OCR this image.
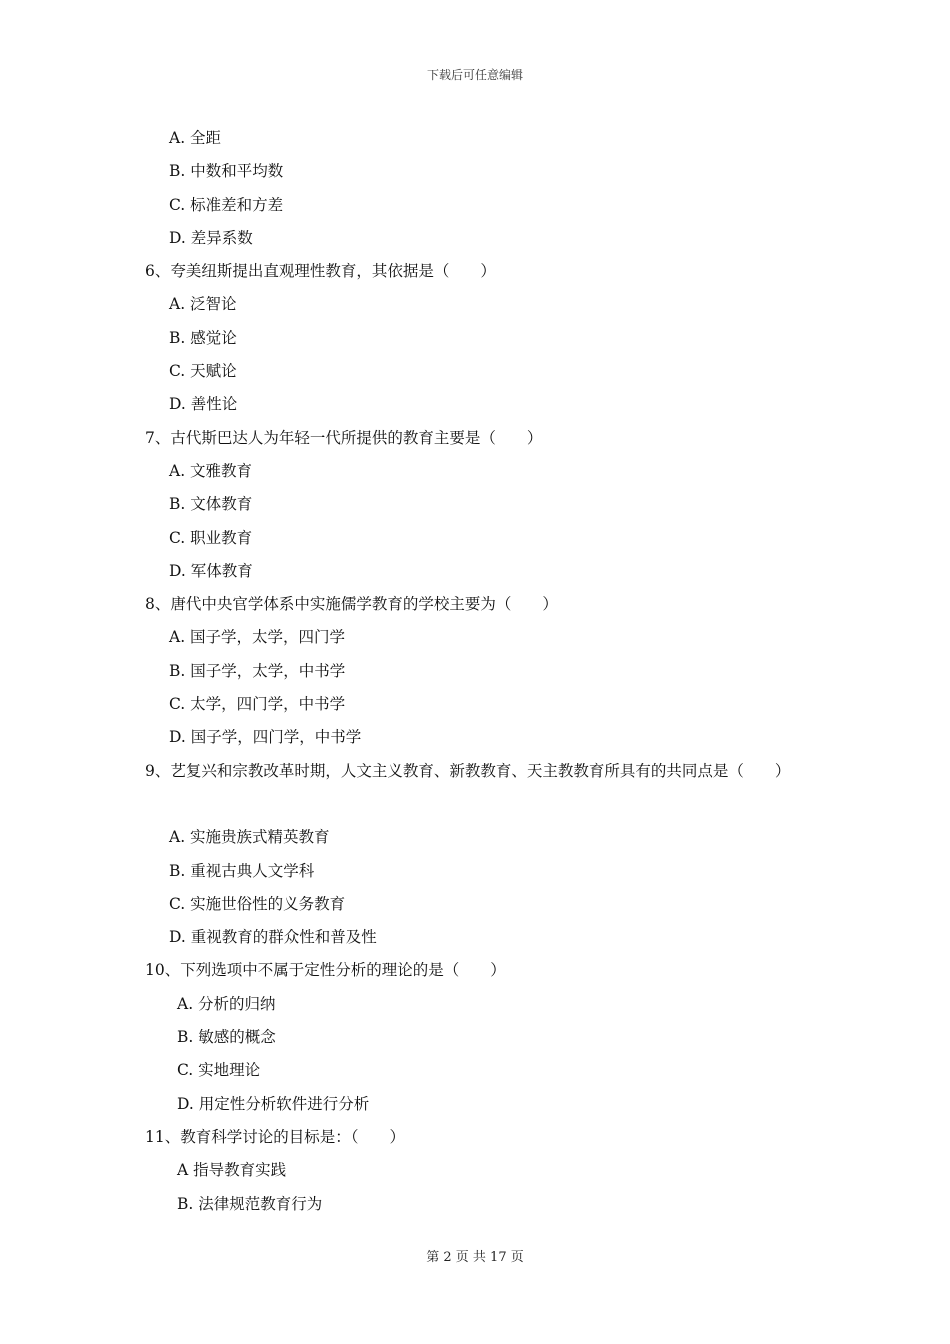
下载后可任意编辑
A. 全距
B. 中数和平均数
C. 标准差和方差
D. 差异系数
6、夸美纽斯提出直观理性教育，其依据是（　　）
A. 泛智论
B. 感觉论
C. 天赋论
D. 善性论
7、古代斯巴达人为年轻一代所提供的教育主要是（　　）
A. 文雅教育
B. 文体教育
C. 职业教育
D. 军体教育
8、唐代中央官学体系中实施儒学教育的学校主要为（　　）
A. 国子学，太学，四门学
B. 国子学，太学，中书学
C. 太学，四门学，中书学
D. 国子学，四门学，中书学
9、艺复兴和宗教改革时期，人文主义教育、新教教育、天主教教育所具有的共同点是（　　）
A. 实施贵族式精英教育
B. 重视古典人文学科
C. 实施世俗性的义务教育
D. 重视教育的群众性和普及性
10、下列选项中不属于定性分析的理论的是（　　）
A. 分析的归纳
B. 敏感的概念
C. 实地理论
D. 用定性分析软件进行分析
11、教育科学讨论的目标是：（　　）
A 指导教育实践
B. 法律规范教育行为
第 2 页 共 17 页
